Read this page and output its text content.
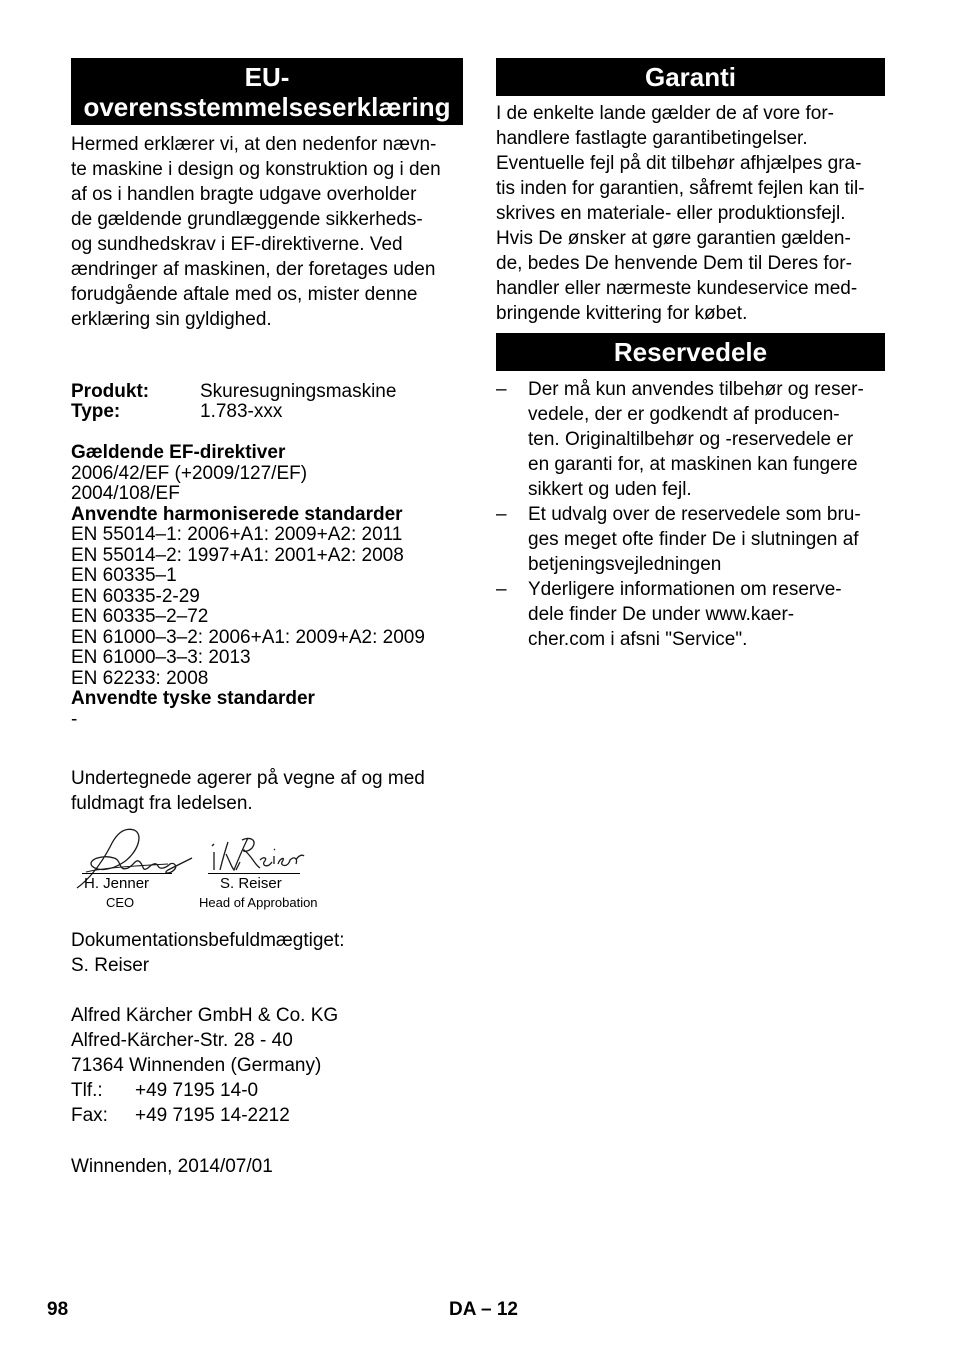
EU-
overensstemmelseserklæring
Hermed erklærer vi, at den nedenfor nævn-
te maskine i design og konstruktion og i den
af os i handlen bragte udgave overholder
de gældende grundlæggende sikkerheds-
og sundhedskrav i EF-direktiverne. Ved
ændringer af maskinen, der foretages uden
forudgående aftale med os, mister denne
erklæring sin gyldighed.
Produkt:	Skuresugningsmaskine
Type:	1.783-xxx
Gældende EF-direktiver
2006/42/EF (+2009/127/EF)
2004/108/EF
Anvendte harmoniserede standarder
EN 55014–1: 2006+A1: 2009+A2: 2011
EN 55014–2: 1997+A1: 2001+A2: 2008
EN 60335–1
EN 60335-2-29
EN 60335–2–72
EN 61000–3–2: 2006+A1: 2009+A2: 2009
EN 61000–3–3: 2013
EN 62233: 2008
Anvendte tyske standarder
-
Undertegnede agerer på vegne af og med
fuldmagt fra ledelsen.
H. Jenner
CEO
S. Reiser
Head of Approbation
Dokumentationsbefuldmægtiget:
S. Reiser
Alfred Kärcher GmbH & Co. KG
Alfred-Kärcher-Str. 28 - 40
71364 Winnenden (Germany)
Tlf.: +49 7195 14-0
Fax: +49 7195 14-2212
Winnenden, 2014/07/01
Garanti
I de enkelte lande gælder de af vore for-
handlere fastlagte garantibetingelser.
Eventuelle fejl på dit tilbehør afhjælpes gra-
tis inden for garantien, såfremt fejlen kan til-
skrives en materiale- eller produktionsfejl.
Hvis De ønsker at gøre garantien gælden-
de, bedes De henvende Dem til Deres for-
handler eller nærmeste kundeservice med-
bringende kvittering for købet.
Reservedele
– Der må kun anvendes tilbehør og reser-
vedele, der er godkendt af producen-
ten. Originaltilbehør og -reservedele er
en garanti for, at maskinen kan fungere
sikkert og uden fejl.
– Et udvalg over de reservedele som bru-
ges meget ofte finder De i slutningen af
betjeningsvejledningen
– Yderligere informationen om reserve-
dele finder De under www.kaer-
cher.com i afsni "Service".
98	DA – 12
